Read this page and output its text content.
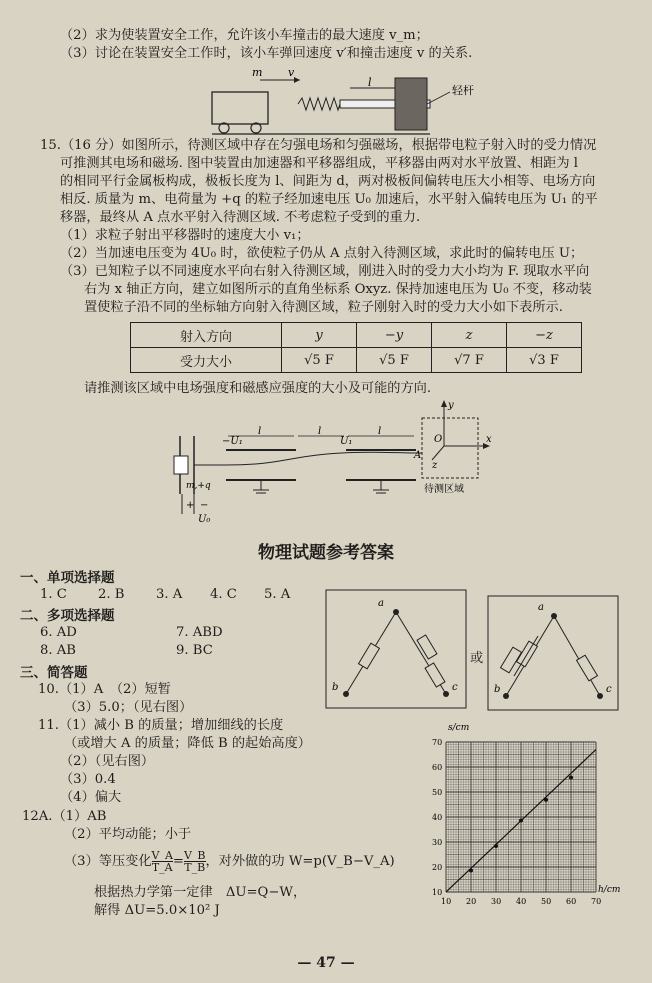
（2）求为使装置安全工作，允许该小车撞击的最大速度 v_m；
（3）讨论在装置安全工作时，该小车弹回速度 v′和撞击速度 v 的关系.
m v
l
轻杆
15.（16 分）如图所示，待测区域中存在匀强电场和匀强磁场，根据带电粒子射入时的受力情况
可推测其电场和磁场. 图中装置由加速器和平移器组成，平移器由两对水平放置、相距为 l
的相同平行金属板构成，极板长度为 l、间距为 d，两对极板间偏转电压大小相等、电场方向
相反. 质量为 m、电荷量为 +q 的粒子经加速电压 U₀ 加速后，水平射入偏转电压为 U₁ 的平
移器，最终从 A 点水平射入待测区域. 不考虑粒子受到的重力.
（1）求粒子射出平移器时的速度大小 v₁；
（2）当加速电压变为 4U₀ 时，欲使粒子仍从 A 点射入待测区域，求此时的偏转电压 U；
（3）已知粒子以不同速度水平向右射入待测区域，刚进入时的受力大小均为 F. 现取水平向
右为 x 轴正方向，建立如图所示的直角坐标系 Oxyz. 保持加速电压为 U₀ 不变，移动装
置使粒子沿不同的坐标轴方向射入待测区域，粒子刚射入时的受力大小如下表所示.
射入方向	y	−y	z	−z
受力大小	√5 F	√5 F	√7 F	√3 F
请推测该区域中电场强度和磁感应强度的大小及可能的方向.
m,+q
+ −
U₀
−U₁	U₁
l	l	l
A
待测区域
y
x
z
O
物理试题参考答案
一、单项选择题
1. C 2. B 3. A 4. C 5. A
二、多项选择题
6. AD	7. ABD
8. AB	9. BC
三、简答题
10.（1）A　（2）短暂
（3）5.0；（见右图）
11.（1）减小 B 的质量；增加细线的长度
（或增大 A 的质量；降低 B 的起始高度）
（2）（见右图）
（3）0.4
（4）偏大
12A.（1）AB
（2）平均动能；小于
（3）等压变化 $\frac{V\_A}{T\_A} = \frac{V\_B}{T\_B}$ ，对外做的功 W=p(V_B−V_A)
根据热力学第一定律　ΔU=Q−W，
解得 ΔU=5.0×10² J
a
b	c
或
a
b	c
s/cm
h/cm
10 20 30 40 50 60 70
10
20
30
40
50
60
70
— 47 —
